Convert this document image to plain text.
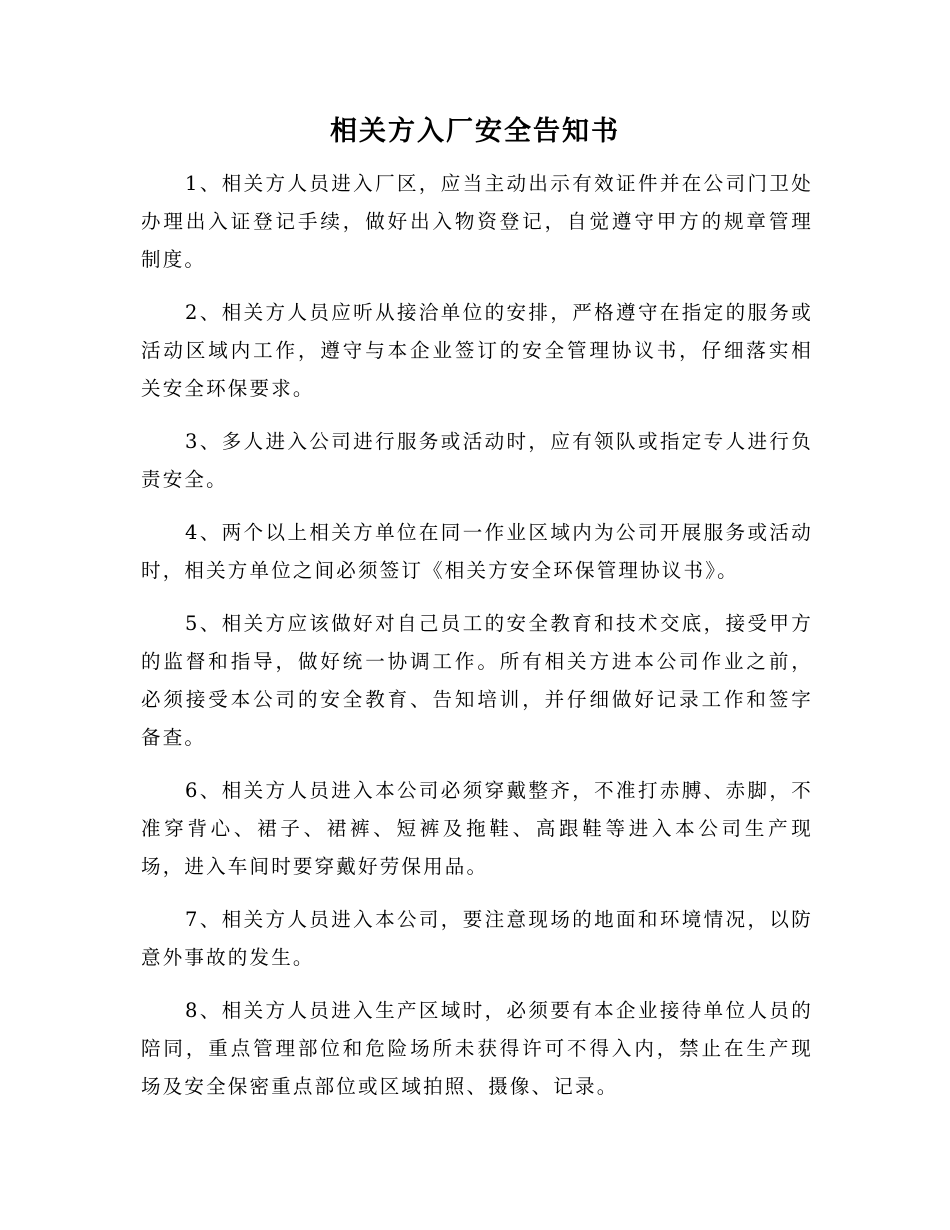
相关方入厂安全告知书

1、相关方人员进入厂区，应当主动出示有效证件并在公司门卫处办理出入证登记手续，做好出入物资登记，自觉遵守甲方的规章管理制度。

2、相关方人员应听从接洽单位的安排，严格遵守在指定的服务或活动区域内工作，遵守与本企业签订的安全管理协议书，仔细落实相关安全环保要求。

3、多人进入公司进行服务或活动时，应有领队或指定专人进行负责安全。

4、两个以上相关方单位在同一作业区域内为公司开展服务或活动时，相关方单位之间必须签订《相关方安全环保管理协议书》。

5、相关方应该做好对自己员工的安全教育和技术交底，接受甲方的监督和指导，做好统一协调工作。所有相关方进本公司作业之前，必须接受本公司的安全教育、告知培训，并仔细做好记录工作和签字备查。

6、相关方人员进入本公司必须穿戴整齐，不准打赤膊、赤脚，不准穿背心、裙子、裙裤、短裤及拖鞋、高跟鞋等进入本公司生产现场，进入车间时要穿戴好劳保用品。

7、相关方人员进入本公司，要注意现场的地面和环境情况，以防意外事故的发生。

8、相关方人员进入生产区域时，必须要有本企业接待单位人员的陪同，重点管理部位和危险场所未获得许可不得入内，禁止在生产现场及安全保密重点部位或区域拍照、摄像、记录。
